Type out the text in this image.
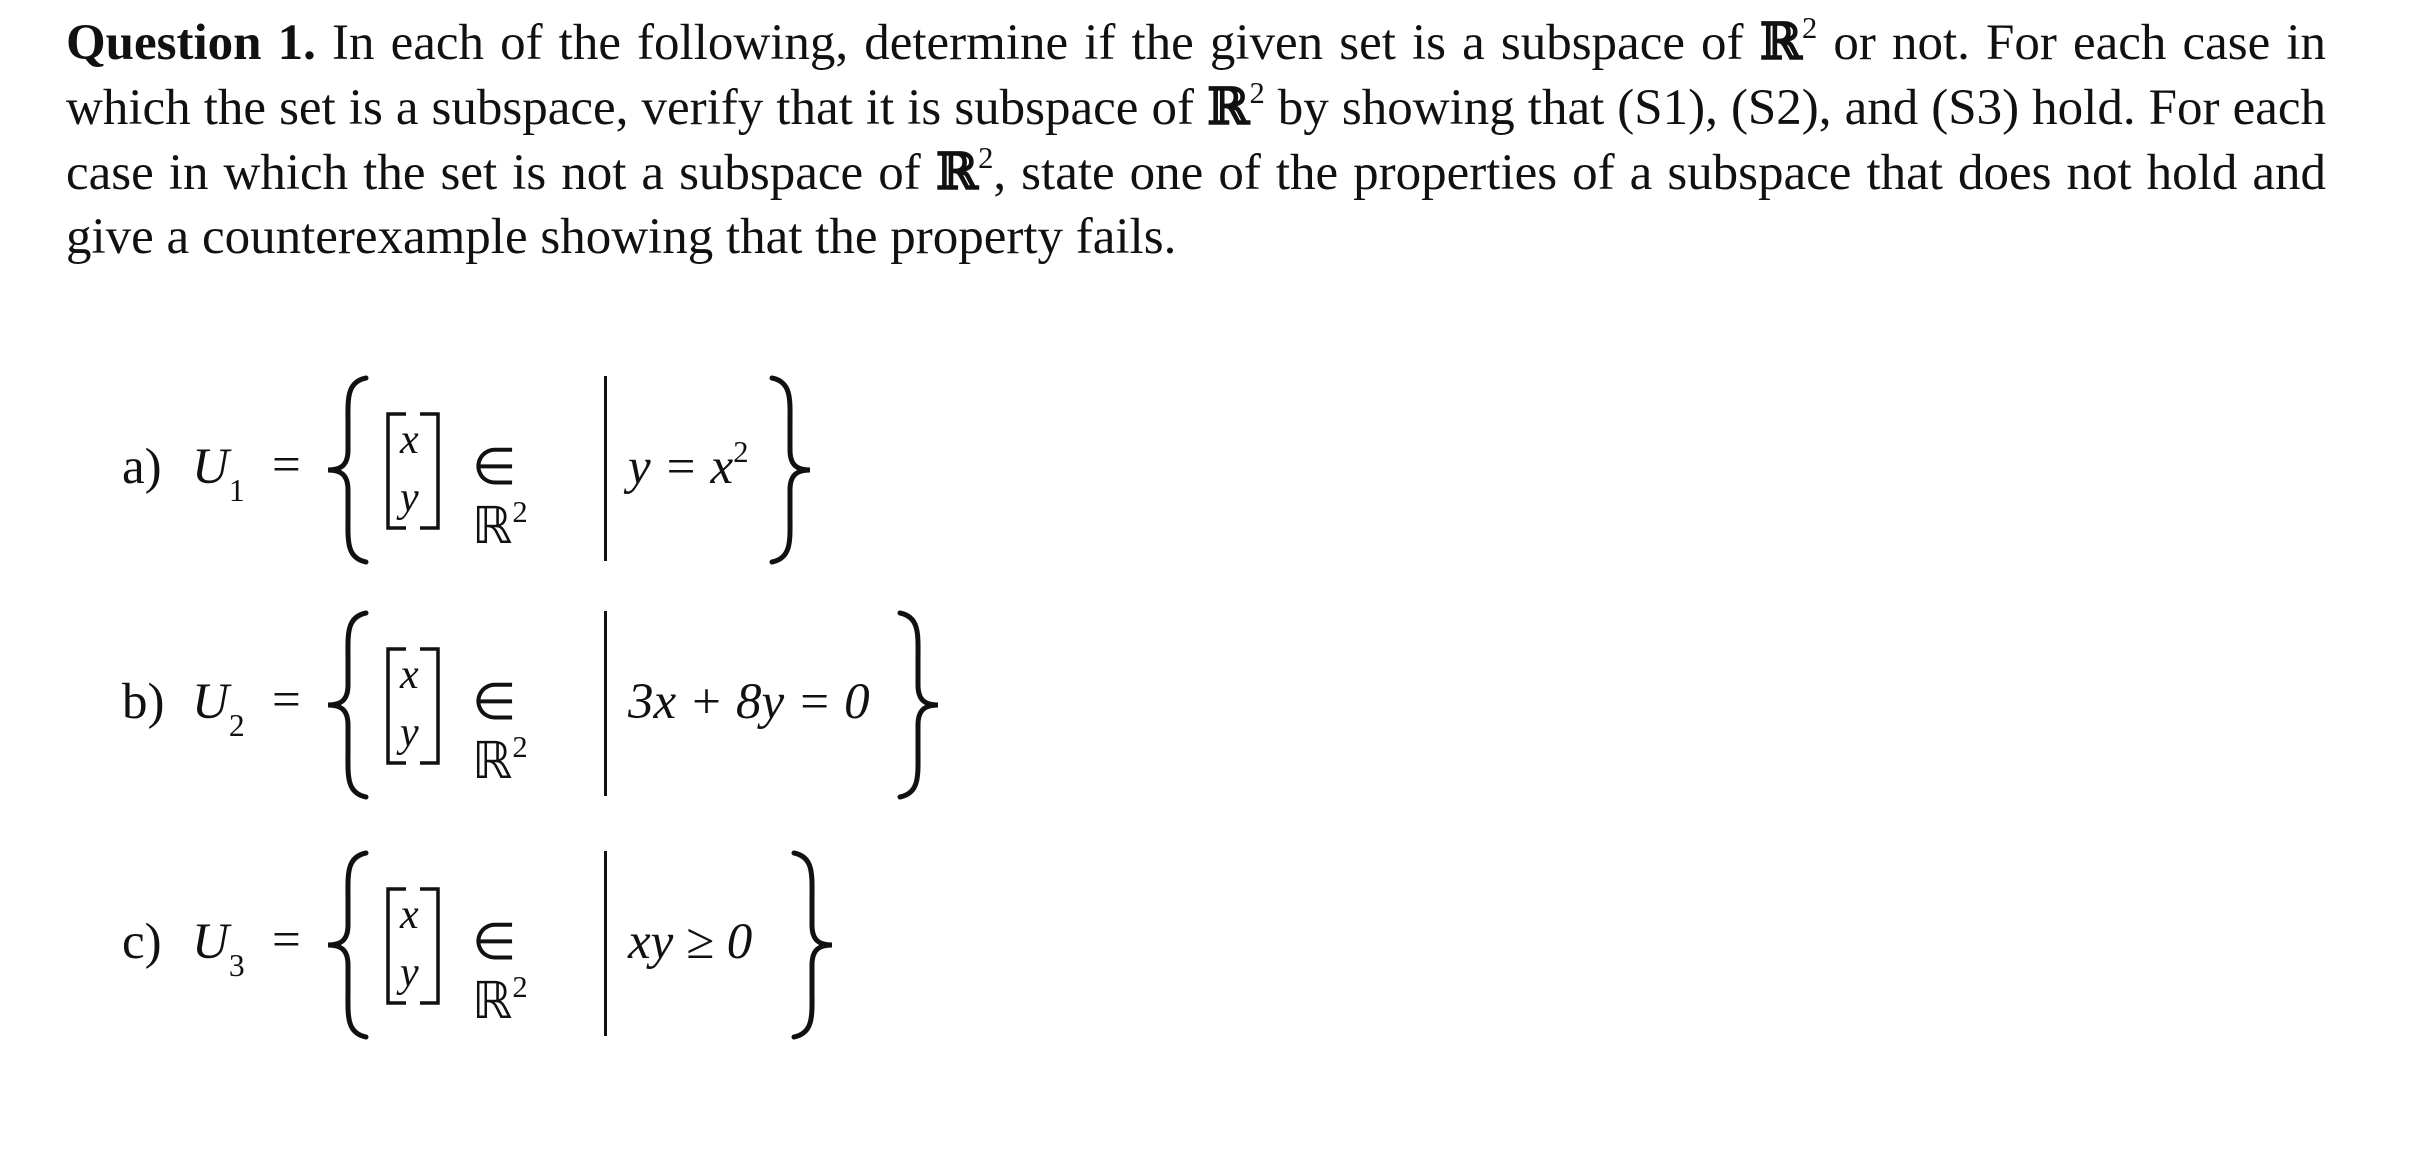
Question 1. In each of the following, determine if the given set is a subspace of ℝ$^2$ or not. For each case in which the set is a subspace, verify that it is subspace of ℝ$^2$ by showing that (S1), (S2), and (S3) hold. For each case in which the set is not a subspace of ℝ$^2$, state one of the properties of a subspace that does not hold and give a counterexample showing that the property fails.
a) $U_1 = x$
y
∈ ℝ$^2$
$y = x^2$
b) $U_2 = x$
y
∈ ℝ$^2$
3x + 8y = 0
c) $U_3 = x$
y
∈ ℝ$^2$
xy ≥ 0
